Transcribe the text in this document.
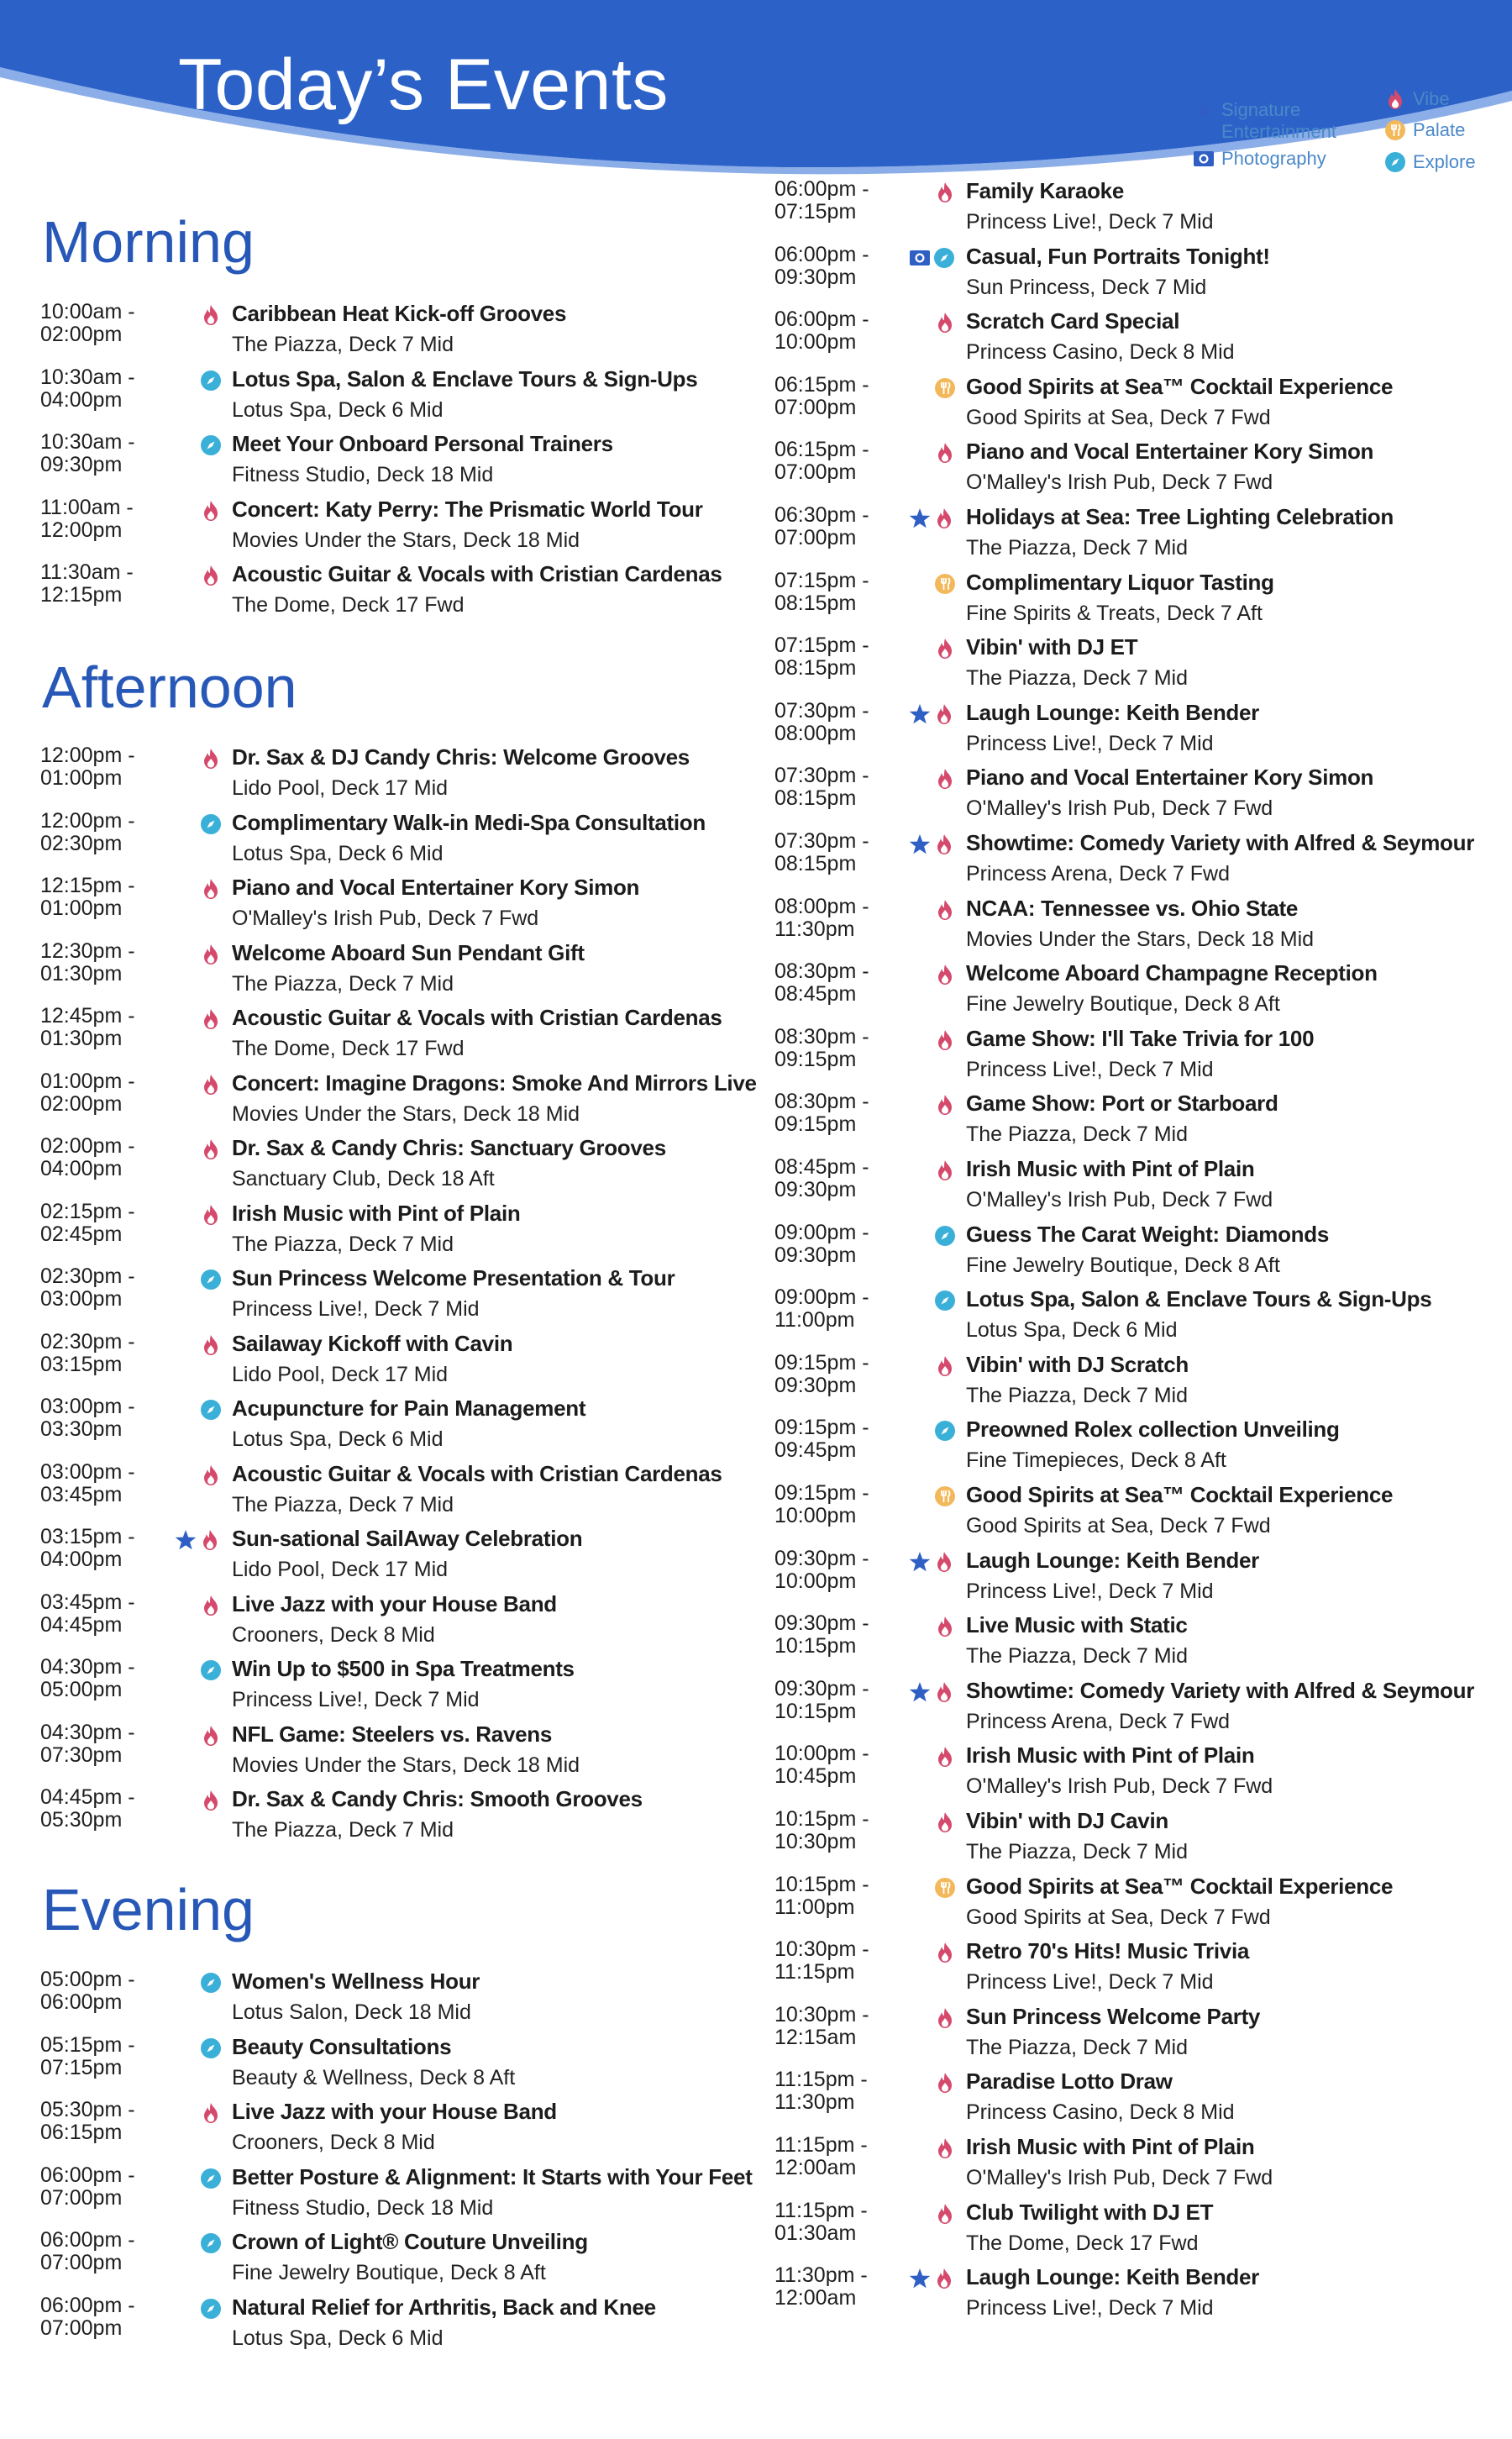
Today’s Events	Signature
Entertainment
Photography
Vibe
Palate
Explore
Morning
10:00am -
02:00pm
Caribbean Heat Kick-off Grooves
The Piazza, Deck 7 Mid
10:30am -
04:00pm
Lotus Spa, Salon & Enclave Tours & Sign-Ups
Lotus Spa, Deck 6 Mid
10:30am -
09:30pm
Meet Your Onboard Personal Trainers
Fitness Studio, Deck 18 Mid
11:00am -
12:00pm
Concert: Katy Perry: The Prismatic World Tour
Movies Under the Stars, Deck 18 Mid
11:30am -
12:15pm
Acoustic Guitar & Vocals with Cristian Cardenas
The Dome, Deck 17 Fwd
Afternoon
12:00pm -
01:00pm
Dr. Sax & DJ Candy Chris: Welcome Grooves
Lido Pool, Deck 17 Mid
12:00pm -
02:30pm
Complimentary Walk-in Medi-Spa Consultation
Lotus Spa, Deck 6 Mid
12:15pm -
01:00pm
Piano and Vocal Entertainer Kory Simon
O'Malley's Irish Pub, Deck 7 Fwd
12:30pm -
01:30pm
Welcome Aboard Sun Pendant Gift
The Piazza, Deck 7 Mid
12:45pm -
01:30pm
Acoustic Guitar & Vocals with Cristian Cardenas
The Dome, Deck 17 Fwd
01:00pm -
02:00pm
Concert: Imagine Dragons: Smoke And Mirrors Live
Movies Under the Stars, Deck 18 Mid
02:00pm -
04:00pm
Dr. Sax & Candy Chris: Sanctuary Grooves
Sanctuary Club, Deck 18 Aft
02:15pm -
02:45pm
Irish Music with Pint of Plain
The Piazza, Deck 7 Mid
02:30pm -
03:00pm
Sun Princess Welcome Presentation & Tour
Princess Live!, Deck 7 Mid
02:30pm -
03:15pm
Sailaway Kickoff with Cavin
Lido Pool, Deck 17 Mid
03:00pm -
03:30pm
Acupuncture for Pain Management
Lotus Spa, Deck 6 Mid
03:00pm -
03:45pm
Acoustic Guitar & Vocals with Cristian Cardenas
The Piazza, Deck 7 Mid
03:15pm -
04:00pm
Sun-sational SailAway Celebration
Lido Pool, Deck 17 Mid
03:45pm -
04:45pm
Live Jazz with your House Band
Crooners, Deck 8 Mid
04:30pm -
05:00pm
Win Up to $500 in Spa Treatments
Princess Live!, Deck 7 Mid
04:30pm -
07:30pm
NFL Game: Steelers vs. Ravens
Movies Under the Stars, Deck 18 Mid
04:45pm -
05:30pm
Dr. Sax & Candy Chris: Smooth Grooves
The Piazza, Deck 7 Mid
Evening
05:00pm -
06:00pm
Women's Wellness Hour
Lotus Salon, Deck 18 Mid
05:15pm -
07:15pm
Beauty Consultations
Beauty & Wellness, Deck 8 Aft
05:30pm -
06:15pm
Live Jazz with your House Band
Crooners, Deck 8 Mid
06:00pm -
07:00pm
Better Posture & Alignment: It Starts with Your Feet
Fitness Studio, Deck 18 Mid
06:00pm -
07:00pm
Crown of Light® Couture Unveiling
Fine Jewelry Boutique, Deck 8 Aft
06:00pm -
07:00pm
Natural Relief for Arthritis, Back and Knee
Lotus Spa, Deck 6 Mid
06:00pm -
07:15pm
Family Karaoke
Princess Live!, Deck 7 Mid
06:00pm -
09:30pm
Casual, Fun Portraits Tonight!
Sun Princess, Deck 7 Mid
06:00pm -
10:00pm
Scratch Card Special
Princess Casino, Deck 8 Mid
06:15pm -
07:00pm
Good Spirits at Sea™ Cocktail Experience
Good Spirits at Sea, Deck 7 Fwd
06:15pm -
07:00pm
Piano and Vocal Entertainer Kory Simon
O'Malley's Irish Pub, Deck 7 Fwd
06:30pm -
07:00pm
Holidays at Sea: Tree Lighting Celebration
The Piazza, Deck 7 Mid
07:15pm -
08:15pm
Complimentary Liquor Tasting
Fine Spirits & Treats, Deck 7 Aft
07:15pm -
08:15pm
Vibin' with DJ ET
The Piazza, Deck 7 Mid
07:30pm -
08:00pm
Laugh Lounge: Keith Bender
Princess Live!, Deck 7 Mid
07:30pm -
08:15pm
Piano and Vocal Entertainer Kory Simon
O'Malley's Irish Pub, Deck 7 Fwd
07:30pm -
08:15pm
Showtime: Comedy Variety with Alfred & Seymour
Princess Arena, Deck 7 Fwd
08:00pm -
11:30pm
NCAA: Tennessee vs. Ohio State
Movies Under the Stars, Deck 18 Mid
08:30pm -
08:45pm
Welcome Aboard Champagne Reception
Fine Jewelry Boutique, Deck 8 Aft
08:30pm -
09:15pm
Game Show: I'll Take Trivia for 100
Princess Live!, Deck 7 Mid
08:30pm -
09:15pm
Game Show: Port or Starboard
The Piazza, Deck 7 Mid
08:45pm -
09:30pm
Irish Music with Pint of Plain
O'Malley's Irish Pub, Deck 7 Fwd
09:00pm -
09:30pm
Guess The Carat Weight: Diamonds
Fine Jewelry Boutique, Deck 8 Aft
09:00pm -
11:00pm
Lotus Spa, Salon & Enclave Tours & Sign-Ups
Lotus Spa, Deck 6 Mid
09:15pm -
09:30pm
Vibin' with DJ Scratch
The Piazza, Deck 7 Mid
09:15pm -
09:45pm
Preowned Rolex collection Unveiling
Fine Timepieces, Deck 8 Aft
09:15pm -
10:00pm
Good Spirits at Sea™ Cocktail Experience
Good Spirits at Sea, Deck 7 Fwd
09:30pm -
10:00pm
Laugh Lounge: Keith Bender
Princess Live!, Deck 7 Mid
09:30pm -
10:15pm
Live Music with Static
The Piazza, Deck 7 Mid
09:30pm -
10:15pm
Showtime: Comedy Variety with Alfred & Seymour
Princess Arena, Deck 7 Fwd
10:00pm -
10:45pm
Irish Music with Pint of Plain
O'Malley's Irish Pub, Deck 7 Fwd
10:15pm -
10:30pm
Vibin' with DJ Cavin
The Piazza, Deck 7 Mid
10:15pm -
11:00pm
Good Spirits at Sea™ Cocktail Experience
Good Spirits at Sea, Deck 7 Fwd
10:30pm -
11:15pm
Retro 70's Hits! Music Trivia
Princess Live!, Deck 7 Mid
10:30pm -
12:15am
Sun Princess Welcome Party
The Piazza, Deck 7 Mid
11:15pm -
11:30pm
Paradise Lotto Draw
Princess Casino, Deck 8 Mid
11:15pm -
12:00am
Irish Music with Pint of Plain
O'Malley's Irish Pub, Deck 7 Fwd
11:15pm -
01:30am
Club Twilight with DJ ET
The Dome, Deck 17 Fwd
11:30pm -
12:00am
Laugh Lounge: Keith Bender
Princess Live!, Deck 7 Mid
